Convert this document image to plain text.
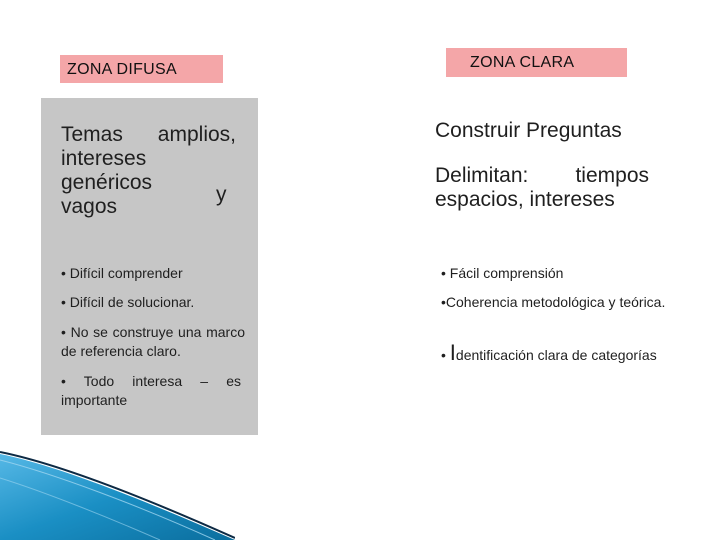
ZONA DIFUSA	ZONA CLARA
Temas amplios, intereses genéricos
y

vagos

• Difícil comprender

• Difícil de solucionar.

• No se construye una marco de referencia claro.

• Todo interesa – es importante

Construir Preguntas

Delimitan: tiempos espacios, intereses

• Fácil comprensión

•Coherencia metodológica y teórica.

• Identificación clara de categorías
